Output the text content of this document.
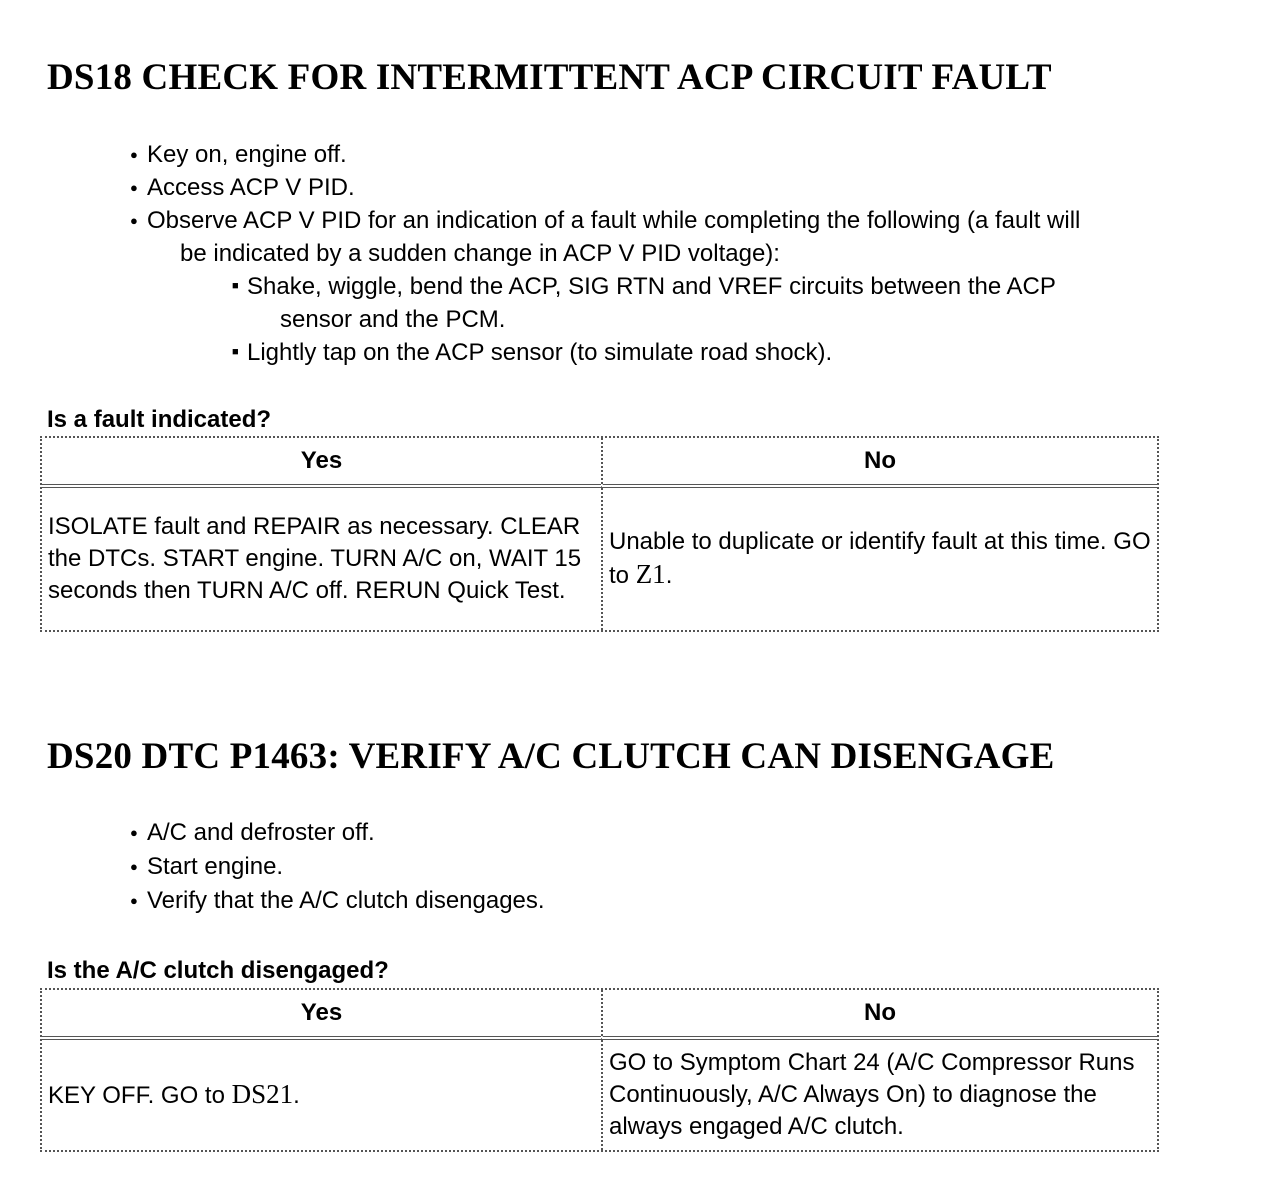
DS18 CHECK FOR INTERMITTENT ACP CIRCUIT FAULT
● Key on, engine off.
● Access ACP V PID.
● Observe ACP V PID for an indication of a fault while completing the following (a fault will
be indicated by a sudden change in ACP V PID voltage):
■ Shake, wiggle, bend the ACP, SIG RTN and VREF circuits between the ACP
sensor and the PCM.
■ Lightly tap on the ACP sensor (to simulate road shock).

Is a fault indicated?

Yes	No
ISOLATE fault and REPAIR as necessary. CLEAR the DTCs. START engine. TURN A/C on, WAIT 15 seconds then TURN A/C off. RERUN Quick Test.	Unable to duplicate or identify fault at this time. GO to Z1.
DS20 DTC P1463: VERIFY A/C CLUTCH CAN DISENGAGE
● A/C and defroster off.
● Start engine.
● Verify that the A/C clutch disengages.

Is the A/C clutch disengaged?

Yes	No
KEY OFF. GO to DS21.	GO to Symptom Chart 24 (A/C Compressor Runs Continuously, A/C Always On) to diagnose the always engaged A/C clutch.
